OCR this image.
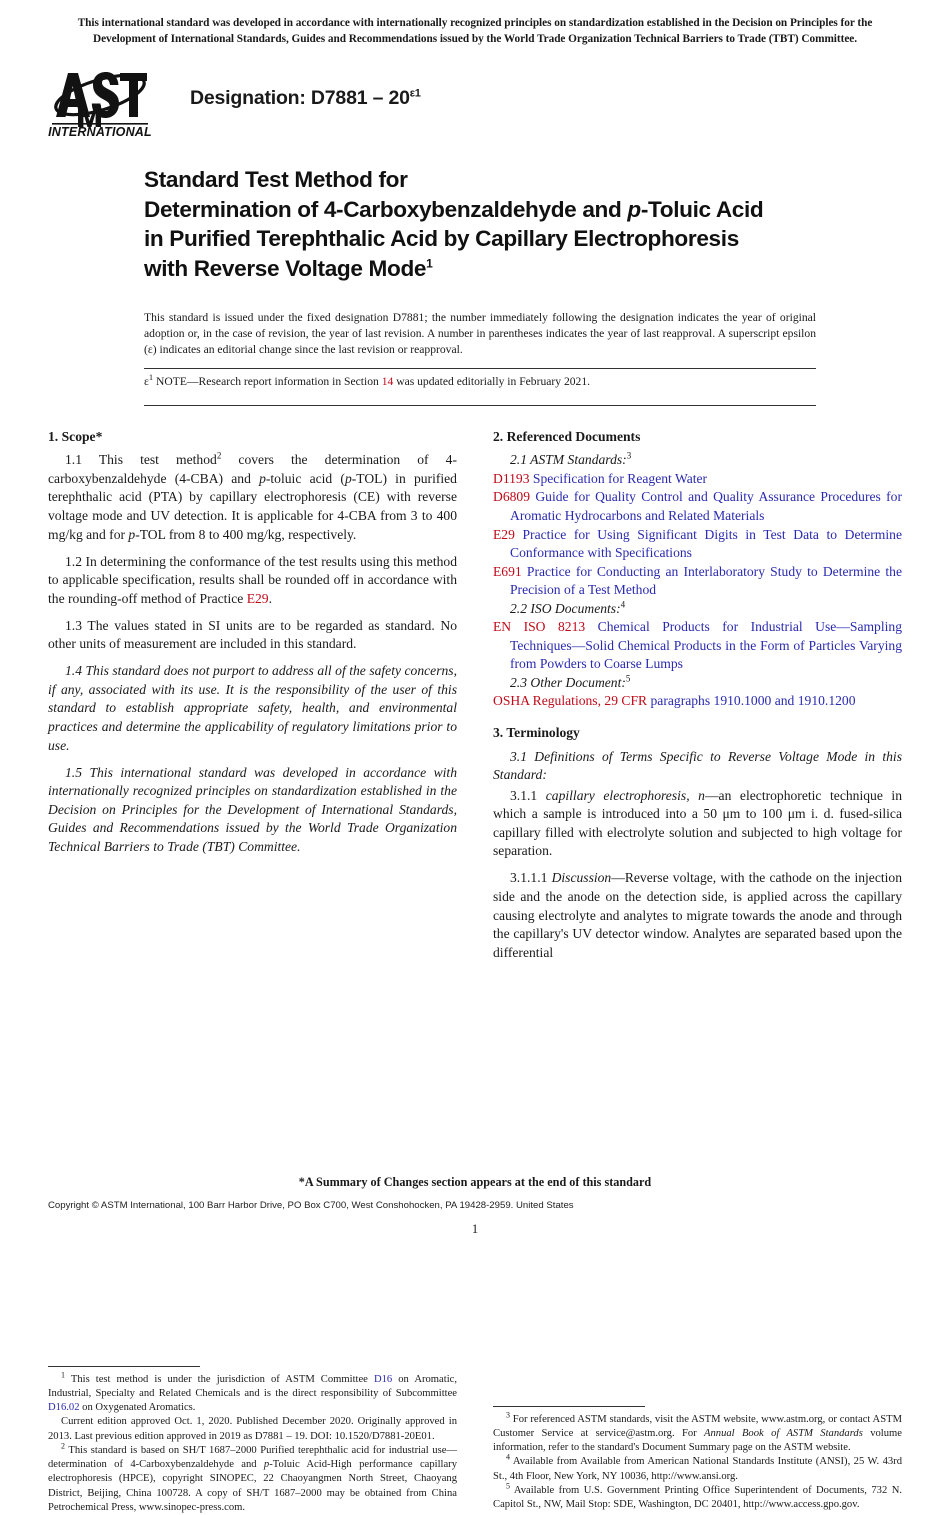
This international standard was developed in accordance with internationally recognized principles on standardization established in the Decision on Principles for the Development of International Standards, Guides and Recommendations issued by the World Trade Organization Technical Barriers to Trade (TBT) Committee.
INTERNATIONAL
Designation: $D7881 - 20^{\varepsilon 1}$
Standard Test Method for
Determination of 4-Carboxybenzaldehyde and p-Toluic Acid
in Purified Terephthalic Acid by Capillary Electrophoresis
with Reverse Voltage Mode$^1$
This standard is issued under the fixed designation D7881; the number immediately following the designation indicates the year of original adoption or, in the case of revision, the year of last revision. A number in parentheses indicates the year of last reapproval. A superscript epsilon (ε) indicates an editorial change since the last revision or reapproval.
$\varepsilon^1$ NOTE—Research report information in Section 14 was updated editorially in February 2021.
1. Scope*

1.1 This test method$^2$ covers the determination of 4-carboxybenzaldehyde (4-CBA) and p-toluic acid (p-TOL) in purified terephthalic acid (PTA) by capillary electrophoresis (CE) with reverse voltage mode and UV detection. It is applicable for 4-CBA from 3 to 400 mg/kg and for p-TOL from 8 to 400 mg/kg, respectively.

1.2 In determining the conformance of the test results using this method to applicable specification, results shall be rounded off in accordance with the rounding-off method of Practice E29.

1.3 The values stated in SI units are to be regarded as standard. No other units of measurement are included in this standard.

1.4 This standard does not purport to address all of the safety concerns, if any, associated with its use. It is the responsibility of the user of this standard to establish appropriate safety, health, and environmental practices and determine the applicability of regulatory limitations prior to use.

1.5 This international standard was developed in accordance with internationally recognized principles on standardization established in the Decision on Principles for the Development of International Standards, Guides and Recommendations issued by the World Trade Organization Technical Barriers to Trade (TBT) Committee.

$^1$ This test method is under the jurisdiction of ASTM Committee D16 on Aromatic, Industrial, Specialty and Related Chemicals and is the direct responsibility of Subcommittee D16.02 on Oxygenated Aromatics.

Current edition approved Oct. 1, 2020. Published December 2020. Originally approved in 2013. Last previous edition approved in 2019 as D7881 – 19. DOI: 10.1520/D7881-20E01.

$^2$ This standard is based on SH/T 1687–2000 Purified terephthalic acid for industrial use—determination of 4-Carboxybenzaldehyde and p-Toluic Acid-High performance capillary electrophoresis (HPCE), copyright SINOPEC, 22 Chaoyangmen North Street, Chaoyang District, Beijing, China 100728. A copy of SH/T 1687–2000 may be obtained from China Petrochemical Press, www.sinopec-press.com.

2. Referenced Documents

2.1 ASTM Standards:$^3$

D1193 Specification for Reagent Water

D6809 Guide for Quality Control and Quality Assurance Procedures for Aromatic Hydrocarbons and Related Materials

E29 Practice for Using Significant Digits in Test Data to Determine Conformance with Specifications

E691 Practice for Conducting an Interlaboratory Study to Determine the Precision of a Test Method

2.2 ISO Documents:$^4$

EN ISO 8213 Chemical Products for Industrial Use—Sampling Techniques—Solid Chemical Products in the Form of Particles Varying from Powders to Coarse Lumps

2.3 Other Document:$^5$

OSHA Regulations, 29 CFR paragraphs 1910.1000 and 1910.1200

3. Terminology

3.1 Definitions of Terms Specific to Reverse Voltage Mode in this Standard:

3.1.1 capillary electrophoresis, n—an electrophoretic technique in which a sample is introduced into a 50 μm to 100 μm i. d. fused-silica capillary filled with electrolyte solution and subjected to high voltage for separation.

3.1.1.1 Discussion—Reverse voltage, with the cathode on the injection side and the anode on the detection side, is applied across the capillary causing electrolyte and analytes to migrate towards the anode and through the capillary's UV detector window. Analytes are separated based upon the differential

$^3$ For referenced ASTM standards, visit the ASTM website, www.astm.org, or contact ASTM Customer Service at service@astm.org. For Annual Book of ASTM Standards volume information, refer to the standard's Document Summary page on the ASTM website.

$^4$ Available from Available from American National Standards Institute (ANSI), 25 W. 43rd St., 4th Floor, New York, NY 10036, http://www.ansi.org.

$^5$ Available from U.S. Government Printing Office Superintendent of Documents, 732 N. Capitol St., NW, Mail Stop: SDE, Washington, DC 20401, http://www.access.gpo.gov.

*A Summary of Changes section appears at the end of this standard
Copyright © ASTM International, 100 Barr Harbor Drive, PO Box C700, West Conshohocken, PA 19428-2959. United States
1
